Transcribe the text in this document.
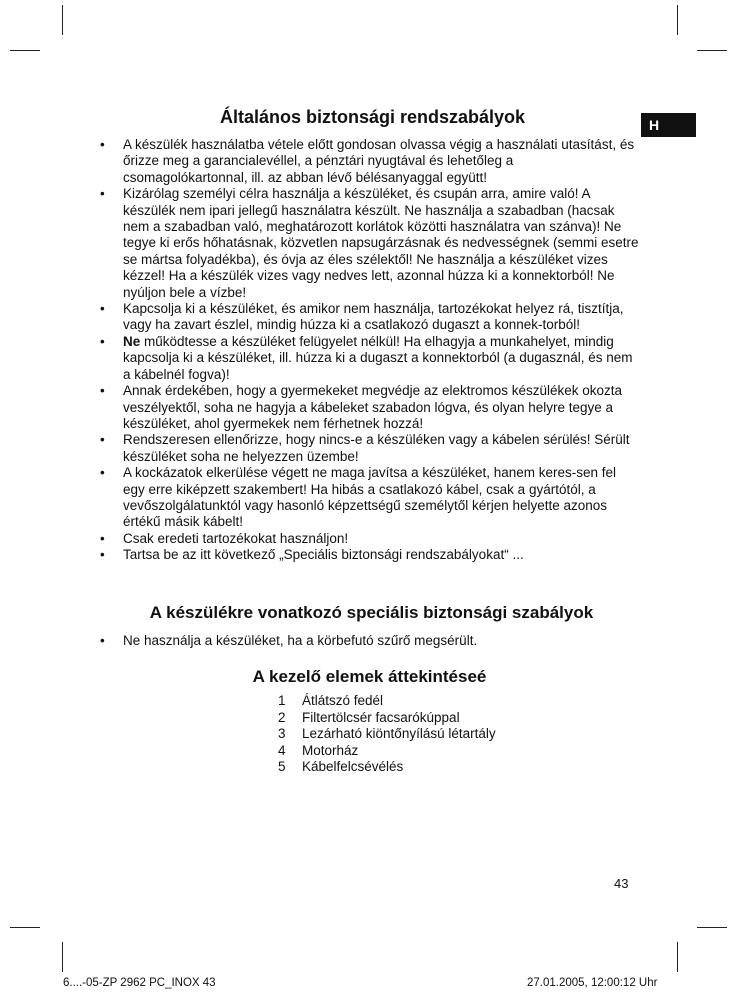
H
Általános biztonsági rendszabályok
• A készülék használatba vétele előtt gondosan olvassa végig a használati utasítást, és őrizze meg a garancialevéllel, a pénztári nyugtával és lehetőleg a csomagolókartonnal, ill. az abban lévő bélésanyaggal együtt!
• Kizárólag személyi célra használja a készüléket, és csupán arra, amire való! A készülék nem ipari jellegű használatra készült. Ne használja a szabadban (hacsak nem a szabadban való, meghatározott korlátok közötti használatra van szánva)! Ne tegye ki erős hőhatásnak, közvetlen napsugárzásnak és nedvességnek (semmi esetre se mártsa folyadékba), és óvja az éles szélektől! Ne használja a készüléket vizes kézzel! Ha a készülék vizes vagy nedves lett, azonnal húzza ki a konnektorból! Ne nyúljon bele a vízbe!
• Kapcsolja ki a készüléket, és amikor nem használja, tartozékokat helyez rá, tisztítja, vagy ha zavart észlel, mindig húzza ki a csatlakozó dugaszt a konnek-torból!
• Ne működtesse a készüléket felügyelet nélkül! Ha elhagyja a munkahelyet, mindig kapcsolja ki a készüléket, ill. húzza ki a dugaszt a konnektorból (a dugasznál, és nem a kábelnél fogva)!
• Annak érdekében, hogy a gyermekeket megvédje az elektromos készülékek okozta veszélyektől, soha ne hagyja a kábeleket szabadon lógva, és olyan helyre tegye a készüléket, ahol gyermekek nem férhetnek hozzá!
• Rendszeresen ellenőrizze, hogy nincs-e a készüléken vagy a kábelen sérülés! Sérült készüléket soha ne helyezzen üzembe!
• A kockázatok elkerülése végett ne maga javítsa a készüléket, hanem keres-sen fel egy erre kiképzett szakembert! Ha hibás a csatlakozó kábel, csak a gyártótól, a vevőszolgálatunktól vagy hasonló képzettségű személytől kérjen helyette azonos értékű másik kábelt!
• Csak eredeti tartozékokat használjon!
• Tartsa be az itt következő „Speciális biztonsági rendszabályokat“ ...
A készülékre vonatkozó speciális biztonsági szabályok
• Ne használja a készüléket, ha a körbefutó szűrő megsérült.
A kezelő elemek áttekintéseé
1	Átlátszó fedél
2	Filtertölcsér facsarókúppal
3	Lezárható kiöntőnyílású létartály
4	Motorház
5	Kábelfelcsévélés
43
6....-05-ZP 2962 PC_INOX 43	27.01.2005, 12:00:12 Uhr
